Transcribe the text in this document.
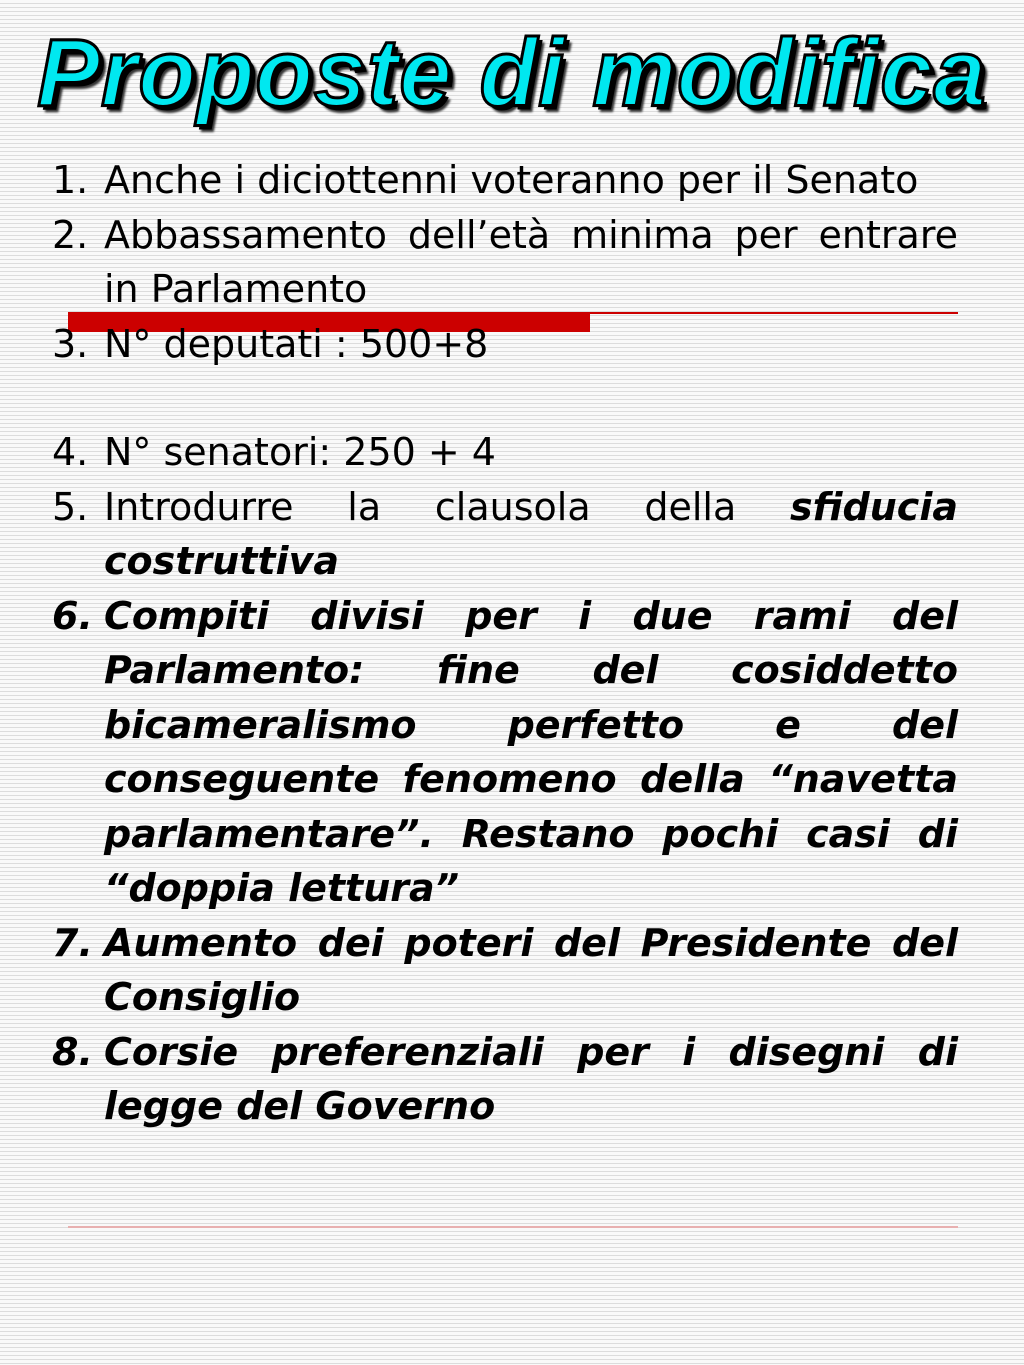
Proposte di modifica
1. Anche i diciottenni voteranno per il Senato
2. Abbassamento dell’età minima per entrare in Parlamento
3. N° deputati : 500+8
4. N° senatori: 250 + 4
5. Introdurre la clausola della sfiducia costruttiva
6. Compiti divisi per i due rami del Parlamento: fine del cosiddetto bicameralismo perfetto e del conseguente fenomeno della “navetta parlamentare”. Restano pochi casi di “doppia lettura”
7. Aumento dei poteri del Presidente del Consiglio
8. Corsie preferenziali per i disegni di legge del Governo
